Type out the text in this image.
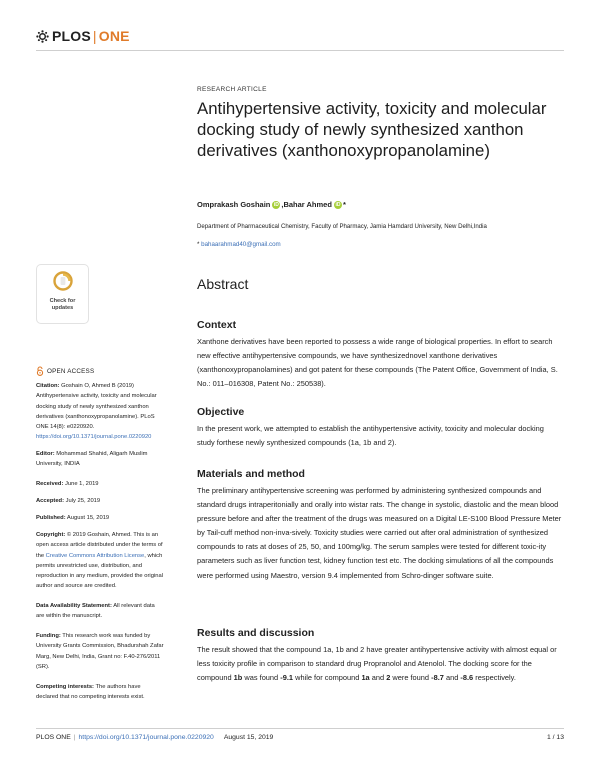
PLOS | ONE
RESEARCH ARTICLE
Antihypertensive activity, toxicity and molecular docking study of newly synthesized xanthon derivatives (xanthonoxypropanolamine)
Omprakash Goshain iD , Bahar Ahmed iD *
Department of Pharmaceutical Chemistry, Faculty of Pharmacy, Jamia Hamdard University, New Delhi,India
* bahaarahmad40@gmail.com
Abstract
Context

Xanthone derivatives have been reported to possess a wide range of biological properties. In effort to search new effective antihypertensive compounds, we have synthesizednovel xanthone derivatives (xanthonoxypropanolamines) and got patent for these compounds (The Patent Office, Government of India, S. No.: 011–016308, Patent No.: 250538).

Objective

In the present work, we attempted to establish the antihypertensive activity, toxicity and molecular docking study forthese newly synthesized compounds (1a, 1b and 2).

Materials and method

The preliminary antihypertensive screening was performed by administering synthesized compounds and standard drugs intraperitonially and orally into wistar rats. The change in systolic, diastolic and the mean blood pressure before and after the treatment of the drugs was measured on a Digital LE-S100 Blood Pressure Meter by Tail-cuff method non-inva-sively. Toxicity studies were carried out after oral administration of synthesized compounds to rats at doses of 25, 50, and 100mg/kg. The serum samples were tested for different toxic-ity parameters such as liver function test, kidney function test etc. The docking simulations of all the compounds were performed using Maestro, version 9.4 implemented from Schro-dinger software suite.

Results and discussion

The result showed that the compound 1a, 1b and 2 have greater antihypertensive activity with almost equal or less toxicity profile in comparison to standard drug Propranolol and Atenolol. The docking score for the compound 1b was found -9.1 while for compound 1a and 2 were found -8.7 and -8.6 respectively.

Check for
updates
OPEN ACCESS
Citation: Goshain O, Ahmed B (2019) Antihypertensive activity, toxicity and molecular docking study of newly synthesized xanthon derivatives (xanthonoxypropanolamine). PLoS ONE 14(8): e0220920. https://doi.org/10.1371/journal.pone.0220920
Editor: Mohammad Shahid, Aligarh Muslim University, INDIA
Received: June 1, 2019
Accepted: July 25, 2019
Published: August 15, 2019
Copyright: © 2019 Goshain, Ahmed. This is an open access article distributed under the terms of the Creative Commons Attribution License, which permits unrestricted use, distribution, and reproduction in any medium, provided the original author and source are credited.
Data Availability Statement: All relevant data are within the manuscript.
Funding: This research work was funded by University Grants Commission, Bhadurshah Zafar Marg, New Delhi, India, Grant no: F.40-276/2011 (SR).
Competing interests: The authors have declared that no competing interests exist.
PLOS ONE | https://doi.org/10.1371/journal.pone.0220920 August 15, 2019	1 / 13
